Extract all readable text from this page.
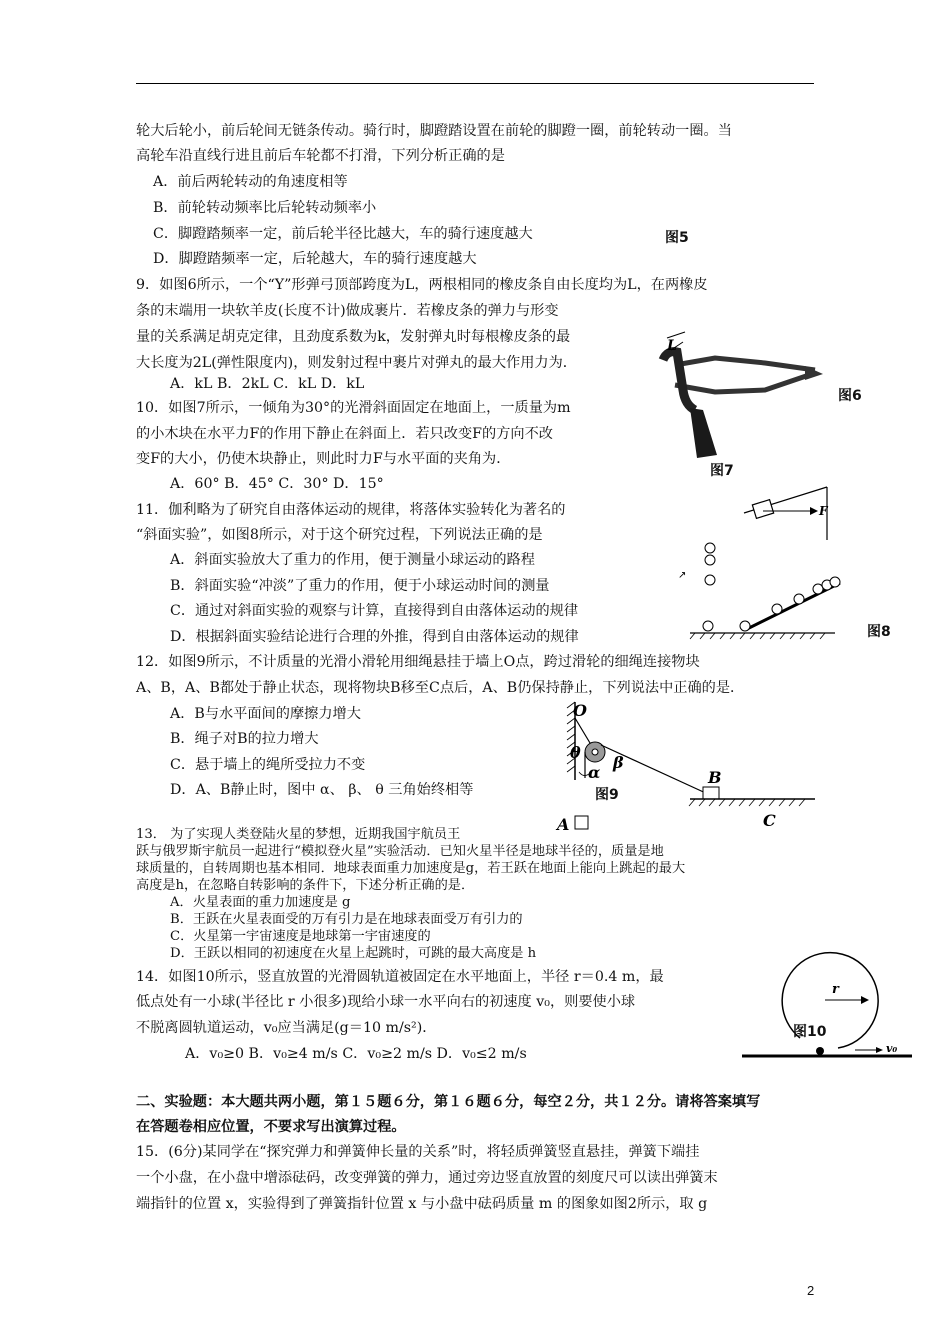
轮大后轮小，前后轮间无链条传动。骑行时，脚蹬踏设置在前轮的脚蹬一圈，前轮转动一圈。当
高轮车沿直线行进且前后车轮都不打滑，下列分析正确的是
A．前后两轮转动的角速度相等
B．前轮转动频率比后轮转动频率小
C．脚蹬踏频率一定，前后轮半径比越大，车的骑行速度越大
D．脚蹬踏频率一定，后轮越大，车的骑行速度越大
图5
9．如图6所示，一个“Y”形弹弓顶部跨度为L，两根相同的橡皮条自由长度均为L，在两橡皮
条的末端用一块软羊皮(长度不计)做成裹片．若橡皮条的弹力与形变
量的关系满足胡克定律，且劲度系数为k，发射弹丸时每根橡皮条的最
大长度为2L(弹性限度内)，则发射过程中裹片对弹丸的最大作用力为．
A．kL B．2kL C．kL D．kL
L
图6
10．如图7所示，一倾角为30°的光滑斜面固定在地面上，一质量为m
的小木块在水平力F的作用下静止在斜面上．若只改变F的方向不改
变F的大小，仍使木块静止，则此时力F与水平面的夹角为．
图7
A．60° B．45° C．30° D．15°
F
11．伽利略为了研究自由落体运动的规律，将落体实验转化为著名的
“斜面实验”，如图8所示，对于这个研究过程，下列说法正确的是
A．斜面实验放大了重力的作用，便于测量小球运动的路程
B．斜面实验“冲淡”了重力的作用，便于小球运动时间的测量
C．通过对斜面实验的观察与计算，直接得到自由落体运动的规律
D．根据斜面实验结论进行合理的外推，得到自由落体运动的规律
↗
图8
12．如图9所示，不计质量的光滑小滑轮用细绳悬挂于墙上O点，跨过滑轮的细绳连接物块
A、B，A、B都处于静止状态，现将物块B移至C点后，A、B仍保持静止，下列说法中正确的是．
A．B与水平面间的摩擦力增大
B．绳子对B的拉力增大
C．悬于墙上的绳所受拉力不变
D．A、B静止时，图中 α、 β、 θ 三角始终相等
O
θ
α
β
B
C
A
图9
13． 为了实现人类登陆火星的梦想，近期我国宇航员王
跃与俄罗斯宇航员一起进行“模拟登火星”实验活动．已知火星半径是地球半径的，质量是地
球质量的，自转周期也基本相同．地球表面重力加速度是g，若王跃在地面上能向上跳起的最大
高度是h，在忽略自转影响的条件下，下述分析正确的是．
A．火星表面的重力加速度是 g
B．王跃在火星表面受的万有引力是在地球表面受万有引力的
C．火星第一宇宙速度是地球第一宇宙速度的
D．王跃以相同的初速度在火星上起跳时，可跳的最大高度是 h
14．如图10所示，竖直放置的光滑圆轨道被固定在水平地面上，半径 r＝0.4 m，最
低点处有一小球(半径比 r 小很多)现给小球一水平向右的初速度 v₀，则要使小球
不脱离圆轨道运动，v₀应当满足(g＝10 m/s²)．
A．v₀≥0 B．v₀≥4 m/s C．v₀≥2 m/s D．v₀≤2 m/s
r
v₀
图10
二、实验题：本大题共两小题，第１５题６分，第１６题６分，每空２分，共１２分。请将答案填写
在答题卷相应位置，不要求写出演算过程。
15．(6分)某同学在“探究弹力和弹簧伸长量的关系”时，将轻质弹簧竖直悬挂，弹簧下端挂
一个小盘，在小盘中增添砝码，改变弹簧的弹力，通过旁边竖直放置的刻度尺可以读出弹簧末
端指针的位置 x，实验得到了弹簧指针位置 x 与小盘中砝码质量 m 的图象如图2所示，取 g
2
